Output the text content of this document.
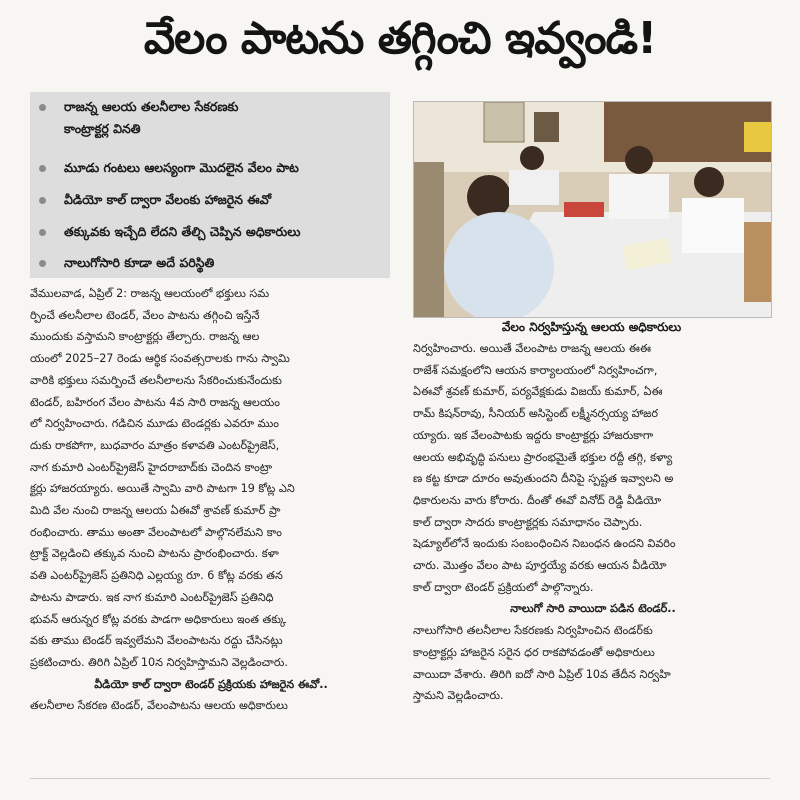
వేలం పాటను తగ్గించి ఇవ్వండి!
రాజన్న ఆలయ తలనీలాల సేకరణకు
కాంట్రాక్టర్ల వినతి
మూడు గంటలు ఆలస్యంగా మొదలైన వేలం పాట
వీడియో కాల్‌ ద్వారా వేలంకు హాజరైన ఈవో
తక్కువకు ఇచ్చేది లేదని తేల్చి చెప్పిన అధికారులు
నాలుగోసారి కూడా అదే పరిస్థితి
వేములవాడ, ఏప్రిల్‌ 2: రాజన్న ఆలయంలో భక్తులు సమ
ర్పించే తలనీలాల టెండర్‌, వేలం పాటను తగ్గించి ఇస్తేనే
ముందుకు వస్తామని కాంట్రాక్టర్లు తేల్చారు. రాజన్న ఆల
యంలో 2025–27 రెండు ఆర్థిక సంవత్సరాలకు గాను స్వామి
వారికి భక్తులు సమర్పించే తలనీలాలను సేకరించుకునేందుకు
టెండర్‌, బహిరంగ వేలం పాటను 4వ సారి రాజన్న ఆలయం
లో నిర్వహించారు. గడిచిన మూడు టెండర్లకు ఎవరూ ముం
దుకు రాకపోగా, బుధవారం మాత్రం కళావతి ఎంటర్‌ప్రైజెస్‌,
నాగ కుమారి ఎంటర్‌ప్రైజెస్‌ హైదరాబాద్‌కు చెందిన కాంట్రా
క్టర్లు హాజరయ్యారు. అయితే స్వామి వారి పాటగా 19 కోట్ల ఎని
మిది వేల నుంచి రాజన్న ఆలయ ఏఈవో శ్రావణ్‌ కుమార్‌ ప్రా
రంభించారు. తాము అంతా వేలంపాటలో పాల్గొనలేమని కాం
ట్రాక్ట్‌ వెల్లడించి తక్కువ నుంచి పాటను ప్రారంభించారు. కళా
వతి ఎంటర్‌ప్రైజెస్‌ ప్రతినిధి ఎల్లయ్య రూ. 6 కోట్ల వరకు తన
పాటను పాడారు. ఇక నాగ కుమారి ఎంటర్‌ప్రైజెస్‌ ప్రతినిధి
భువన్‌ ఆరున్నర కోట్ల వరకు పాడగా అధికారులు ఇంత తక్కు
వకు తాము టెండర్‌ ఇవ్వలేమని వేలంపాటను రద్దు చేసినట్లు
ప్రకటించారు. తిరిగి ఏప్రిల్‌ 10న నిర్వహిస్తామని వెల్లడించారు.
వీడియో కాల్‌ ద్వారా టెండర్‌ ప్రక్రియకు హాజరైన ఈవో..
తలనీలాల సేకరణ టెండర్‌, వేలంపాటను ఆలయ అధికారులు
వేలం నిర్వహిస్తున్న ఆలయ అధికారులు
నిర్వహించారు. అయితే వేలంపాట రాజన్న ఆలయ ఈఈ
రాజేశ్‌ సమక్షంలోని ఆయన కార్యాలయంలో నిర్వహించగా,
ఏఈవో శ్రవణ్‌ కుమార్‌, పర్యవేక్షకుడు విజయ్‌ కుమార్‌, ఏఈ
రామ్‌ కిషన్‌రావు, సీనియర్‌ అసిస్టెంట్‌ లక్ష్మీనర్సయ్య హాజర
య్యారు. ఇక వేలంపాటకు ఇద్దరు కాంట్రాక్టర్లు హాజరుకాగా
ఆలయ అభివృద్ధి పనులు ప్రారంభమైతే భక్తుల రద్దీ తగ్గి, కళ్యా
ణ కట్ట కూడా దూరం అవుతుందని దీనిపై స్పష్టత ఇవ్వాలని అ
ధికారులను వారు కోరారు. దీంతో ఈవో వినోద్‌ రెడ్డి వీడియో
కాల్‌ ద్వారా సాదరు కాంట్రాక్టర్లకు సమాధానం చెప్పారు.
షెడ్యూల్‌లోనే ఇందుకు సంబంధించిన నిబంధన ఉందని వివరిం
చారు. మొత్తం వేలం పాట పూర్తయ్యే వరకు ఆయన వీడియో
కాల్‌ ద్వారా టెండర్‌ ప్రక్రియలో పాల్గొన్నారు.
నాలుగో సారి వాయిదా పడిన టెండర్‌..
నాలుగోసారి తలనీలాల సేకరణకు నిర్వహించిన టెండర్‌కు
కాంట్రాక్టర్లు హాజరైన సరైన ధర రాకపోవడంతో అధికారులు
వాయిదా వేశారు. తిరిగి ఐదో సారి ఏప్రిల్‌ 10వ తేదీన నిర్వహి
స్తామని వెల్లడించారు.
